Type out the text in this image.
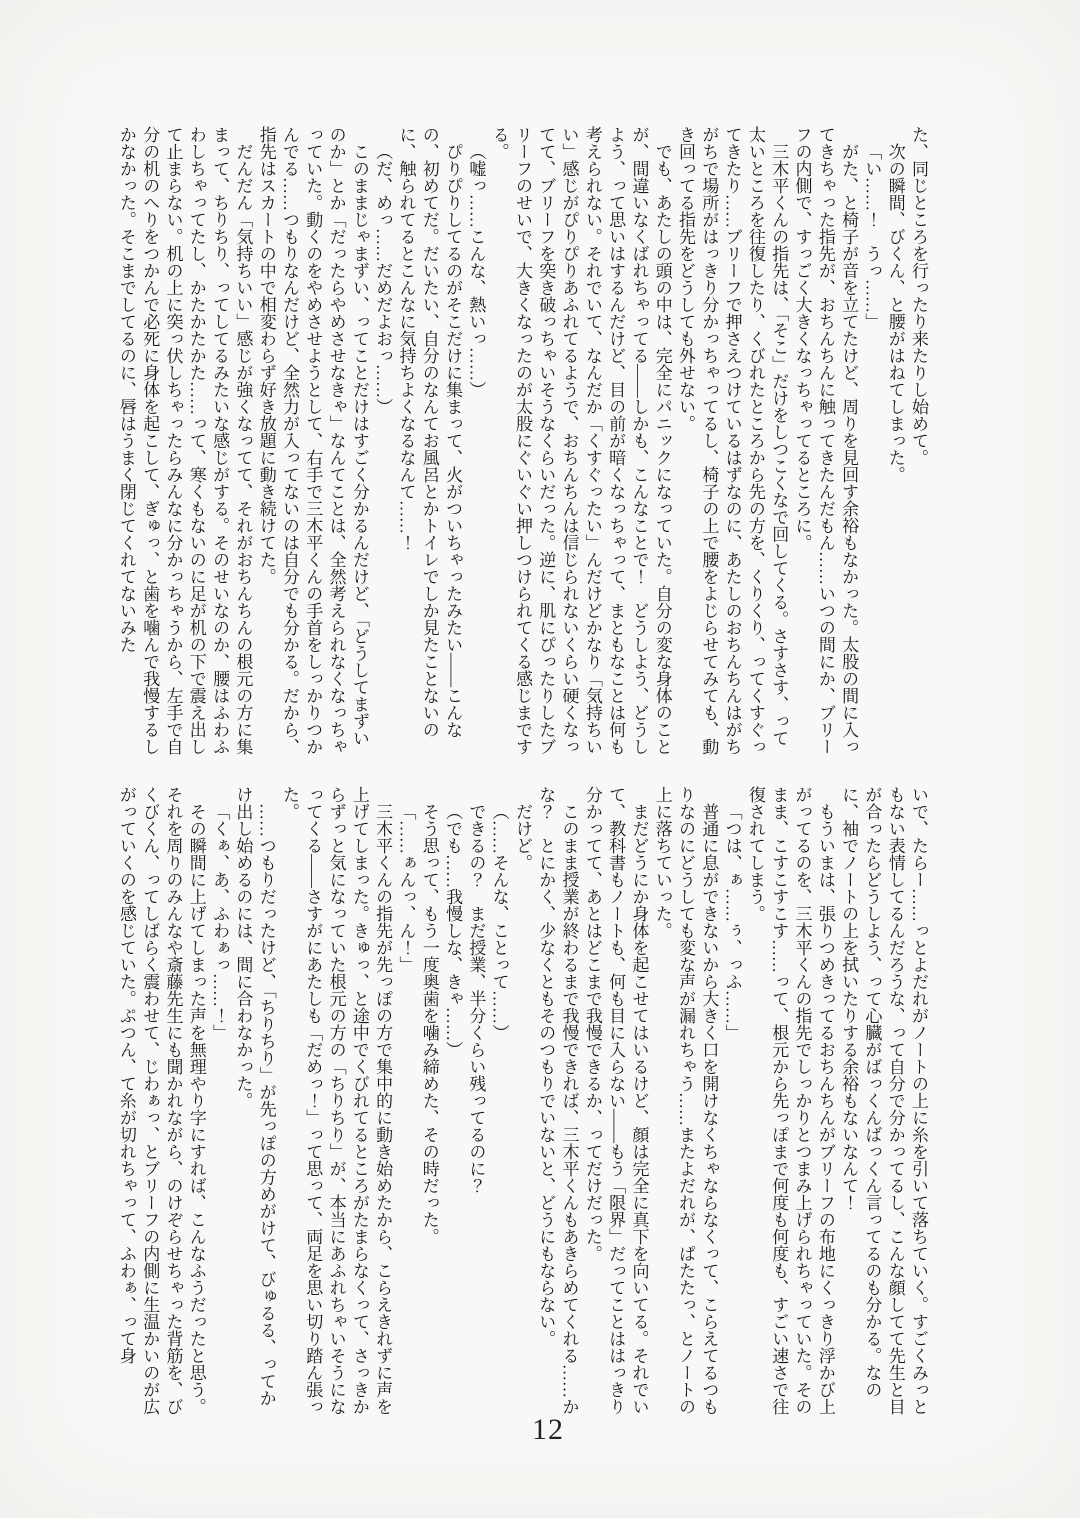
た、同じところを行ったり来たりし始めて。

次の瞬間、びくん、と腰がはねてしまった。

「い……！　うっ……」

がた、と椅子が音を立てたけど、周りを見回す余裕もなかった。太股の間に入ってきちゃった指先が、おちんちんに触ってきたんだもん……いつの間にか、ブリーフの内側で、すっごく大きくなっちゃってるところに。

三木平くんの指先は、「そこ」だけをしつこくなで回してくる。さすさす、って太いところを往復したり、くびれたところから先の方を、くりくり、ってくすぐってきたり……ブリーフで押さえつけているはずなのに、あたしのおちんちんはがちがちで場所がはっきり分かっちゃってるし、椅子の上で腰をよじらせてみても、動き回ってる指先をどうしても外せない。

でも、あたしの頭の中は、完全にパニックになっていた。自分の変な身体のことが、間違いなくばれちゃってる――しかも、こんなことで！　どうしよう、どうしよう、って思いはするんだけど、目の前が暗くなっちゃって、まともなことは何も考えられない。それでいて、なんだか「くすぐったい」んだけどかなり「気持ちいい」感じがぴりぴりあふれてるようで、おちんちんは信じられないくらい硬くなってて、ブリーフを突き破っちゃいそうなくらいだった。逆に、肌にぴったりしたブリーフのせいで、大きくなったのが太股にぐいぐい押しつけられてくる感じまでする。

（嘘っ……こんな、熱いっ……）

ぴりぴりしてるのがそこだけに集まって、火がついちゃったみたい――こんなの、初めてだ。だいたい、自分のなんてお風呂とかトイレでしか見たことないのに、触られてるとこんなに気持ちよくなるなんて……！

（だ、めっ……だめだよおっ……）

このままじゃまずい、ってことだけはすごく分かるんだけど、「どうしてまずいのか」とか「だったらやめさせなきゃ」なんてことは、全然考えられなくなっちゃっていた。動くのをやめさせようとして、右手で三木平くんの手首をしっかりつかんでる……つもりなんだけど、全然力が入ってないのは自分でも分かる。だから、指先はスカートの中で相変わらず好き放題に動き続けてた。

だんだん「気持ちいい」感じが強くなってて、それがおちんちんの根元の方に集まって、ちりちり、ってしてるみたいな感じがする。そのせいなのか、腰はふわふわしちゃってたし、かたかたかた……って、寒くもないのに足が机の下で震え出して止まらない。机の上に突っ伏しちゃったらみんなに分かっちゃうから、左手で自分の机のへりをつかんで必死に身体を起こして、ぎゅっ、と歯を噛んで我慢するしかなかった。そこまでしてるのに、唇はうまく閉じてくれてないみた

いで、たらー……っとよだれがノートの上に糸を引いて落ちていく。すごくみっともない表情してるんだろうな、って自分で分かってるし、こんな顔してて先生と目が合ったらどうしよう、って心臓がばっくんばっくん言ってるのも分かる。なのに、袖でノートの上を拭いたりする余裕もないなんて！

もういまは、張りつめきってるおちんちんがブリーフの布地にくっきり浮かび上がってるのを、三木平くんの指先でしっかりとつまみ上げられちゃっていた。そのまま、こすこすこす……って、根元から先っぽまで何度も何度も、すごい速さで往復されてしまう。

「つは、ぁ……ぅ、っふ……」

普通に息ができないから大きく口を開けなくちゃならなくって、こらえてるつもりなのにどうしても変な声が漏れちゃう……またよだれが、ぱたたっ、とノートの上に落ちていった。

まだどうにか身体を起こせてはいるけど、顔は完全に真下を向いてる。それでいて、教科書もノートも、何も目に入らない――もう「限界」だってことははっきり分かってて、あとはどこまで我慢できるか、ってだけだった。

このまま授業が終わるまで我慢できれば、三木平くんもあきらめてくれる……かな？　とにかく、少なくともそのつもりでいないと、どうにもならない。

だけど。

（……そんな、ことって……）

できるの？　まだ授業、半分くらい残ってるのに？

（でも……我慢しな、きゃ……）

そう思って、もう一度奥歯を噛み締めた、その時だった。

「……ぁんっ、ん！」

三木平くんの指先が先っぽの方で集中的に動き始めたから、こらえきれずに声を上げてしまった。きゅっ、と途中でくびれてるところがたまらなくって、さっきからずっと気になっていた根元の方の「ちりちり」が、本当にあふれちゃいそうになってくる――さすがにあたしも「だめっ！」って思って、両足を思い切り踏ん張った。

……つもりだったけど、「ちりちり」が先っぽの方めがけて、びゅるる、ってかけ出し始めるのには、間に合わなかった。

「くぁ、あ、ふわぁっ……！」

その瞬間に上げてしまった声を無理やり字にすれば、こんなふうだったと思う。それを周りのみんなや斎藤先生にも聞かれながら、のけぞらせちゃった背筋を、びくびくん、ってしばらく震わせて、じわぁっ、とブリーフの内側に生温かいのが広がっていくのを感じていた。ぷつん、て糸が切れちゃって、ふわぁ、って身

12
